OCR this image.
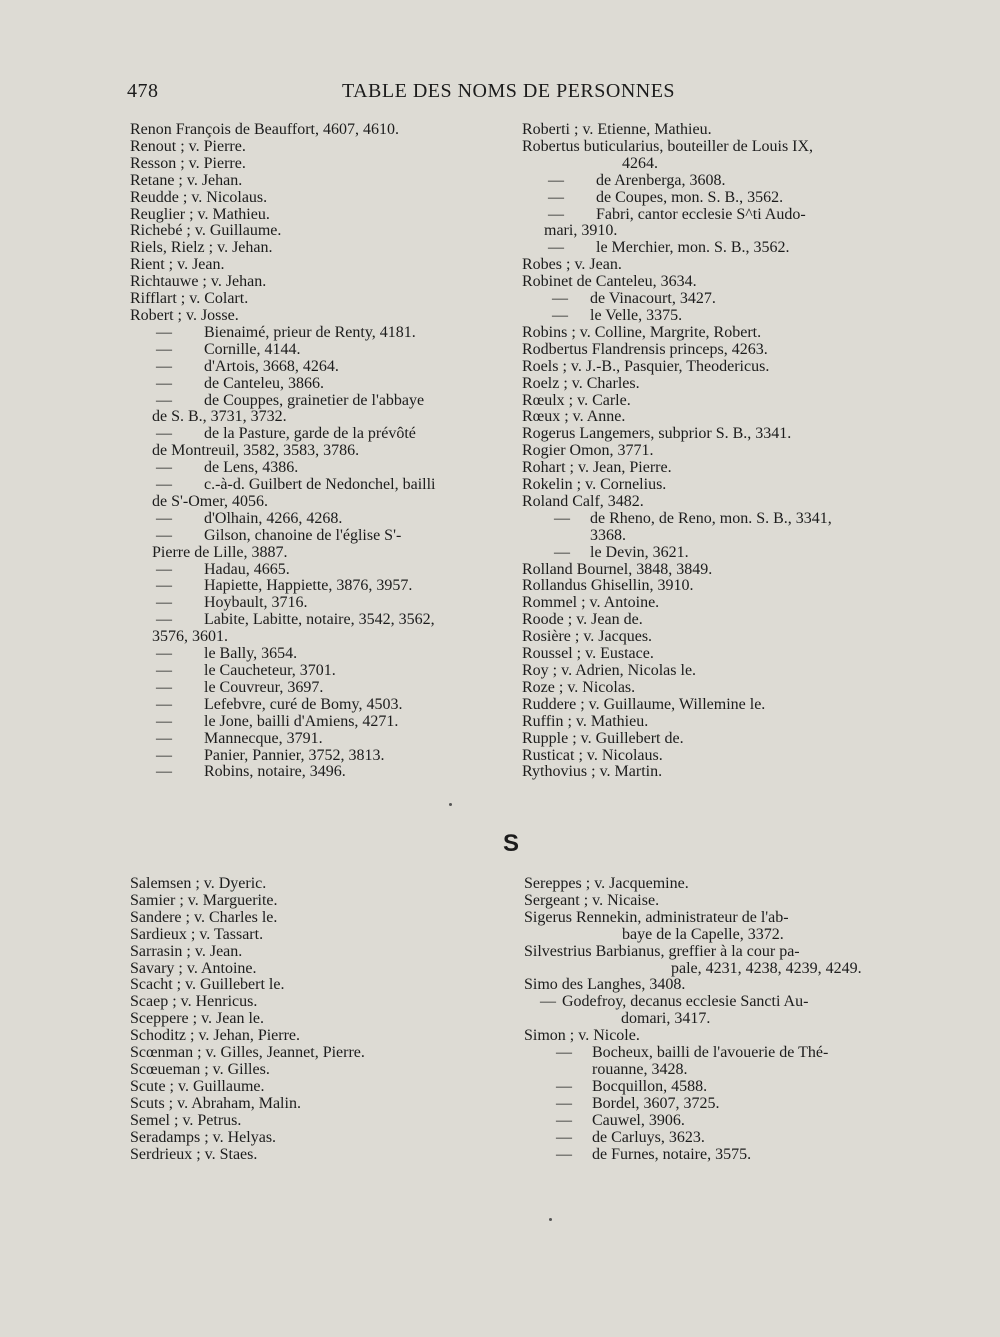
478	TABLE DES NOMS DE PERSONNES
Renon François de Beauffort, 4607, 4610.
Renout ; v. Pierre.
Resson ; v. Pierre.
Retane ; v. Jehan.
Reudde ; v. Nicolaus.
Reuglier ; v. Mathieu.
Richebé ; v. Guillaume.
Riels, Rielz ; v. Jehan.
Rient ; v. Jean.
Richtauwe ; v. Jehan.
Rifflart ; v. Colart.
Robert ; v. Josse.
— Bienaimé, prieur de Renty, 4181.
— Cornille, 4144.
— d'Artois, 3668, 4264.
— de Canteleu, 3866.
— de Couppes, grainetier de l'abbaye
de S. B., 3731, 3732.
— de la Pasture, garde de la prévôté
de Montreuil, 3582, 3583, 3786.
— de Lens, 4386.
— c.-à-d. Guilbert de Nedonchel, bailli
de S'-Omer, 4056.
— d'Olhain, 4266, 4268.
— Gilson, chanoine de l'église S'-
Pierre de Lille, 3887.
— Hadau, 4665.
— Hapiette, Happiette, 3876, 3957.
— Hoybault, 3716.
— Labite, Labitte, notaire, 3542, 3562,
3576, 3601.
— le Bally, 3654.
— le Caucheteur, 3701.
— le Couvreur, 3697.
— Lefebvre, curé de Bomy, 4503.
— le Jone, bailli d'Amiens, 4271.
— Mannecque, 3791.
— Panier, Pannier, 3752, 3813.
— Robins, notaire, 3496.
Roberti ; v. Etienne, Mathieu.
Robertus buticularius, bouteiller de Louis IX,
4264.
— de Arenberga, 3608.
— de Coupes, mon. S. B., 3562.
— Fabri, cantor ecclesie S^ti Audo-
mari, 3910.
— le Merchier, mon. S. B., 3562.
Robes ; v. Jean.
Robinet de Canteleu, 3634.
— de Vinacourt, 3427.
— le Velle, 3375.
Robins ; v. Colline, Margrite, Robert.
Rodbertus Flandrensis princeps, 4263.
Roels ; v. J.-B., Pasquier, Theodericus.
Roelz ; v. Charles.
Rœulx ; v. Carle.
Rœux ; v. Anne.
Rogerus Langemers, subprior S. B., 3341.
Rogier Omon, 3771.
Rohart ; v. Jean, Pierre.
Rokelin ; v. Cornelius.
Roland Calf, 3482.
— de Rheno, de Reno, mon. S. B., 3341,
3368.
— le Devin, 3621.
Rolland Bournel, 3848, 3849.
Rollandus Ghisellin, 3910.
Rommel ; v. Antoine.
Roode ; v. Jean de.
Rosière ; v. Jacques.
Roussel ; v. Eustace.
Roy ; v. Adrien, Nicolas le.
Roze ; v. Nicolas.
Ruddere ; v. Guillaume, Willemine le.
Ruffin ; v. Mathieu.
Rupple ; v. Guillebert de.
Rusticat ; v. Nicolaus.
Rythovius ; v. Martin.
S
Salemsen ; v. Dyeric.
Samier ; v. Marguerite.
Sandere ; v. Charles le.
Sardieux ; v. Tassart.
Sarrasin ; v. Jean.
Savary ; v. Antoine.
Scacht ; v. Guillebert le.
Scaep ; v. Henricus.
Sceppere ; v. Jean le.
Schoditz ; v. Jehan, Pierre.
Scœnman ; v. Gilles, Jeannet, Pierre.
Scœueman ; v. Gilles.
Scute ; v. Guillaume.
Scuts ; v. Abraham, Malin.
Semel ; v. Petrus.
Seradamps ; v. Helyas.
Serdrieux ; v. Staes.
Sereppes ; v. Jacquemine.
Sergeant ; v. Nicaise.
Sigerus Rennekin, administrateur de l'ab-
baye de la Capelle, 3372.
Silvestrius Barbianus, greffier à la cour pa-
pale, 4231, 4238, 4239, 4249.
Simo des Langhes, 3408.
— Godefroy, decanus ecclesie Sancti Au-
domari, 3417.
Simon ; v. Nicole.
— Bocheux, bailli de l'avouerie de Thé-
rouanne, 3428.
— Bocquillon, 4588.
— Bordel, 3607, 3725.
— Cauwel, 3906.
— de Carluys, 3623.
— de Furnes, notaire, 3575.
